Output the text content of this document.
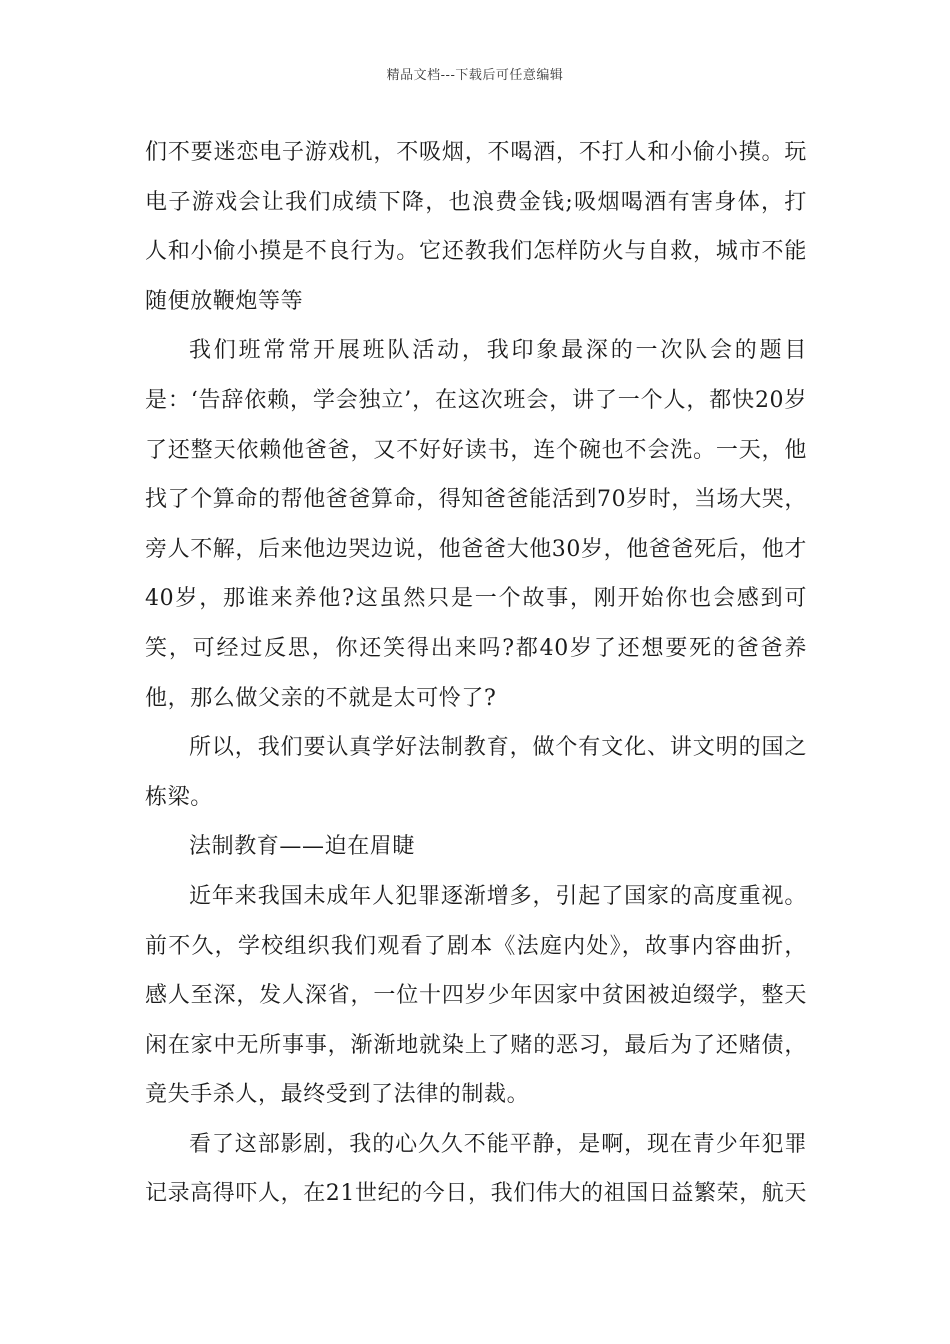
精品文档---下载后可任意编辑

们不要迷恋电子游戏机，不吸烟，不喝酒，不打人和小偷小摸。玩电子游戏会让我们成绩下降，也浪费金钱;吸烟喝酒有害身体，打人和小偷小摸是不良行为。它还教我们怎样防火与自救，城市不能随便放鞭炮等等

我们班常常开展班队活动，我印象最深的一次队会的题目是：‘告辞依赖，学会独立’，在这次班会，讲了一个人，都快20岁了还整天依赖他爸爸，又不好好读书，连个碗也不会洗。一天，他找了个算命的帮他爸爸算命，得知爸爸能活到70岁时，当场大哭，旁人不解，后来他边哭边说，他爸爸大他30岁，他爸爸死后，他才40岁，那谁来养他?这虽然只是一个故事，刚开始你也会感到可笑，可经过反思，你还笑得出来吗?都40岁了还想要死的爸爸养他，那么做父亲的不就是太可怜了?

所以，我们要认真学好法制教育，做个有文化、讲文明的国之栋梁。

法制教育——迫在眉睫

近年来我国未成年人犯罪逐渐增多，引起了国家的高度重视。前不久，学校组织我们观看了剧本《法庭内处》，故事内容曲折，感人至深，发人深省，一位十四岁少年因家中贫困被迫缀学，整天闲在家中无所事事，渐渐地就染上了赌的恶习，最后为了还赌债，竟失手杀人，最终受到了法律的制裁。

看了这部影剧，我的心久久不能平静，是啊，现在青少年犯罪记录高得吓人，在21世纪的今日，我们伟大的祖国日益繁荣，航天
